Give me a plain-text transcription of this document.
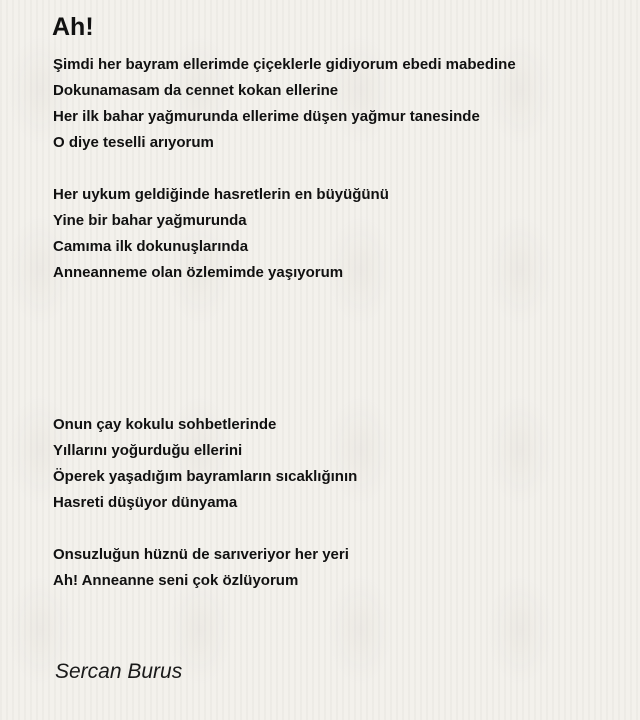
Ah!
Şimdi her bayram ellerimde çiçeklerle gidiyorum ebedi mabedine
Dokunamasam da cennet kokan ellerine
Her ilk bahar yağmurunda ellerime düşen yağmur tanesinde
O diye teselli arıyorum
Her uykum geldiğinde hasretlerin en büyüğünü
Yine bir bahar yağmurunda
Camıma ilk dokunuşlarında
Anneanneme olan özlemimde yaşıyorum
Onun çay kokulu sohbetlerinde
Yıllarını yoğurduğu ellerini
Öperek yaşadığım bayramların sıcaklığının
Hasreti düşüyor dünyama
Onsuzluğun hüznü de sarıveriyor her yeri
Ah! Anneanne seni çok özlüyorum

Sercan Burus
